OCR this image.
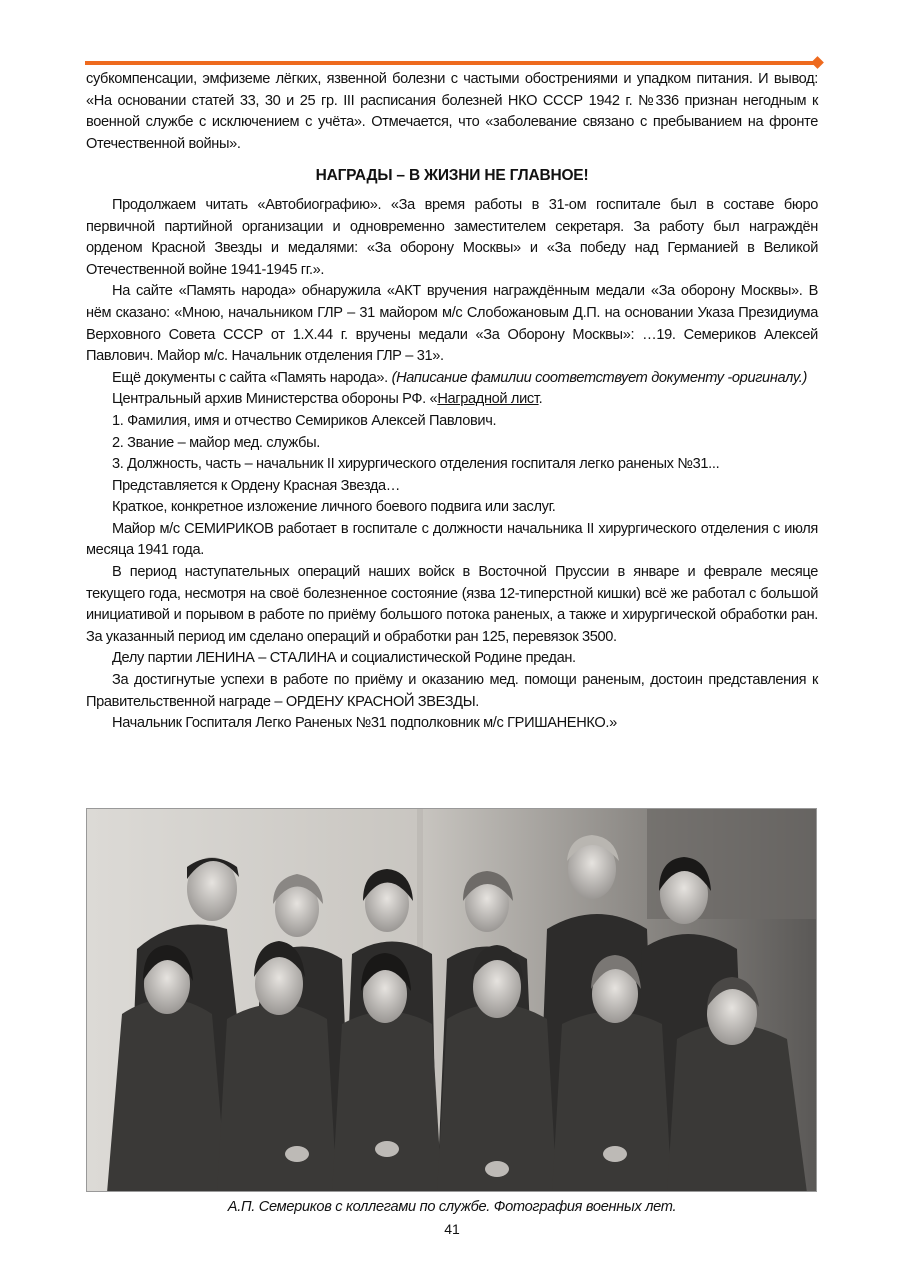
субкомпенсации, эмфиземе лёгких, язвенной болезни с частыми обострениями и упадком питания. И вывод: «На основании статей 33, 30 и 25 гр. III расписания болезней НКО СССР 1942 г. №336 признан негодным к военной службе с исключением с учёта». Отмечается, что «заболевание связано с пребыванием на фронте Отечественной войны».

НАГРАДЫ – В ЖИЗНИ НЕ ГЛАВНОЕ!

Продолжаем читать «Автобиографию». «За время работы в 31-ом госпитале был в составе бюро первичной партийной организации и одновременно заместителем секретаря. За работу был награждён орденом Красной Звезды и медалями: «За оборону Москвы» и «За победу над Германией в Великой Отечественной войне 1941-1945 гг.».

На сайте «Память народа» обнаружила «АКТ вручения награждённым медали «За оборону Москвы». В нём сказано: «Мною, начальником ГЛР – 31 майором м/с Слобожановым Д.П. на основании Указа Президиума Верховного Совета СССР от 1.Х.44 г. вручены медали «За Оборону Москвы»: …19. Семериков Алексей Павлович. Майор м/с. Начальник отделения ГЛР – 31».

Ещё документы с сайта «Память народа». (Написание фамилии соответствует документу -оригиналу.)

Центральный архив Министерства обороны РФ. «Наградной лист.

1. Фамилия, имя и отчество Семириков Алексей Павлович.

2. Звание – майор мед. службы.

3. Должность, часть – начальник II хирургического отделения госпиталя легко раненых №31...

Представляется к Ордену Красная Звезда…

Краткое, конкретное изложение личного боевого подвига или заслуг.

Майор м/с СЕМИРИКОВ работает в госпитале с должности начальника II хирургического отделения с июля месяца 1941 года.

В период наступательных операций наших войск в Восточной Пруссии в январе и феврале месяце текущего года, несмотря на своё болезненное состояние (язва 12-типерстной кишки) всё же работал с большой инициативой и порывом в работе по приёму большого потока раненых, а также и хирургической обработки ран. За указанный период им сделано операций и обработки ран 125, перевязок 3500.

Делу партии ЛЕНИНА – СТАЛИНА и социалистической Родине предан.

За достигнутые успехи в работе по приёму и оказанию мед. помощи раненым, достоин представления к Правительственной награде – ОРДЕНУ КРАСНОЙ ЗВЕЗДЫ.

Начальник Госпиталя Легко Раненых №31 подполковник м/с ГРИШАНЕНКО.»

А.П. Семериков с коллегами по службе. Фотография военных лет.
41
